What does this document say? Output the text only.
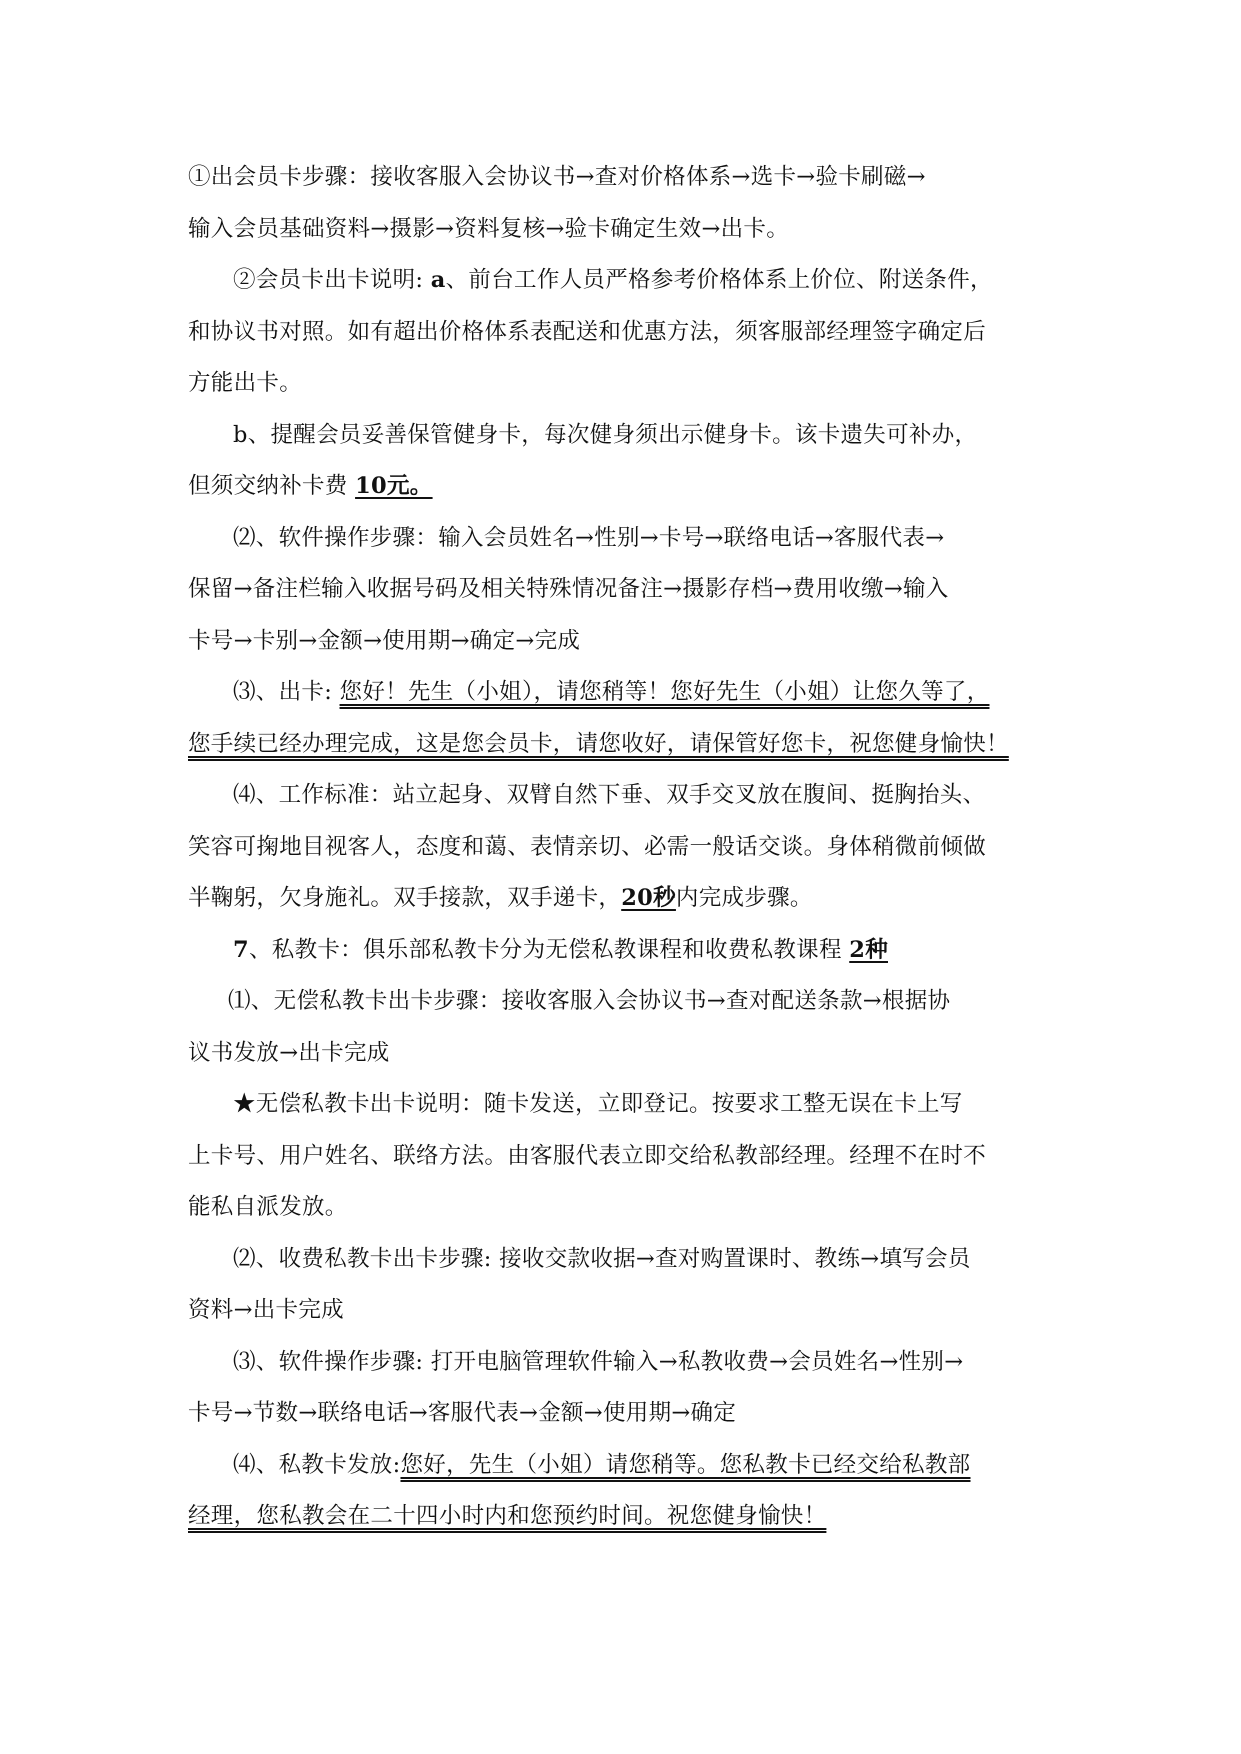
①出会员卡步骤：接收客服入会协议书→查对价格体系→选卡→验卡刷磁→

输入会员基础资料→摄影→资料复核→验卡确定生效→出卡。

②会员卡出卡说明: a、前台工作人员严格参考价格体系上价位、附送条件，

和协议书对照。如有超出价格体系表配送和优惠方法，须客服部经理签字确定后

方能出卡。

b、提醒会员妥善保管健身卡，每次健身须出示健身卡。该卡遗失可补办，

但须交纳补卡费 10元。

⑵、软件操作步骤：输入会员姓名→性别→卡号→联络电话→客服代表→

保留→备注栏输入收据号码及相关特殊情况备注→摄影存档→费用收缴→输入

卡号→卡别→金额→使用期→确定→完成

⑶、出卡: 您好！先生（小姐），请您稍等！您好先生（小姐）让您久等了，

您手续已经办理完成，这是您会员卡，请您收好，请保管好您卡，祝您健身愉快！

⑷、工作标准：站立起身、双臂自然下垂、双手交叉放在腹间、挺胸抬头、

笑容可掬地目视客人，态度和蔼、表情亲切、必需一般话交谈。身体稍微前倾做

半鞠躬，欠身施礼。双手接款，双手递卡，20秒内完成步骤。

7、私教卡：俱乐部私教卡分为无偿私教课程和收费私教课程 2种

⑴、无偿私教卡出卡步骤：接收客服入会协议书→查对配送条款→根据协

议书发放→出卡完成

★无偿私教卡出卡说明：随卡发送，立即登记。按要求工整无误在卡上写

上卡号、用户姓名、联络方法。由客服代表立即交给私教部经理。经理不在时不

能私自派发放。

⑵、收费私教卡出卡步骤: 接收交款收据→查对购置课时、教练→填写会员

资料→出卡完成

⑶、软件操作步骤: 打开电脑管理软件输入→私教收费→会员姓名→性别→

卡号→节数→联络电话→客服代表→金额→使用期→确定

⑷、私教卡发放:您好，先生（小姐）请您稍等。您私教卡已经交给私教部

经理，您私教会在二十四小时内和您预约时间。祝您健身愉快！
